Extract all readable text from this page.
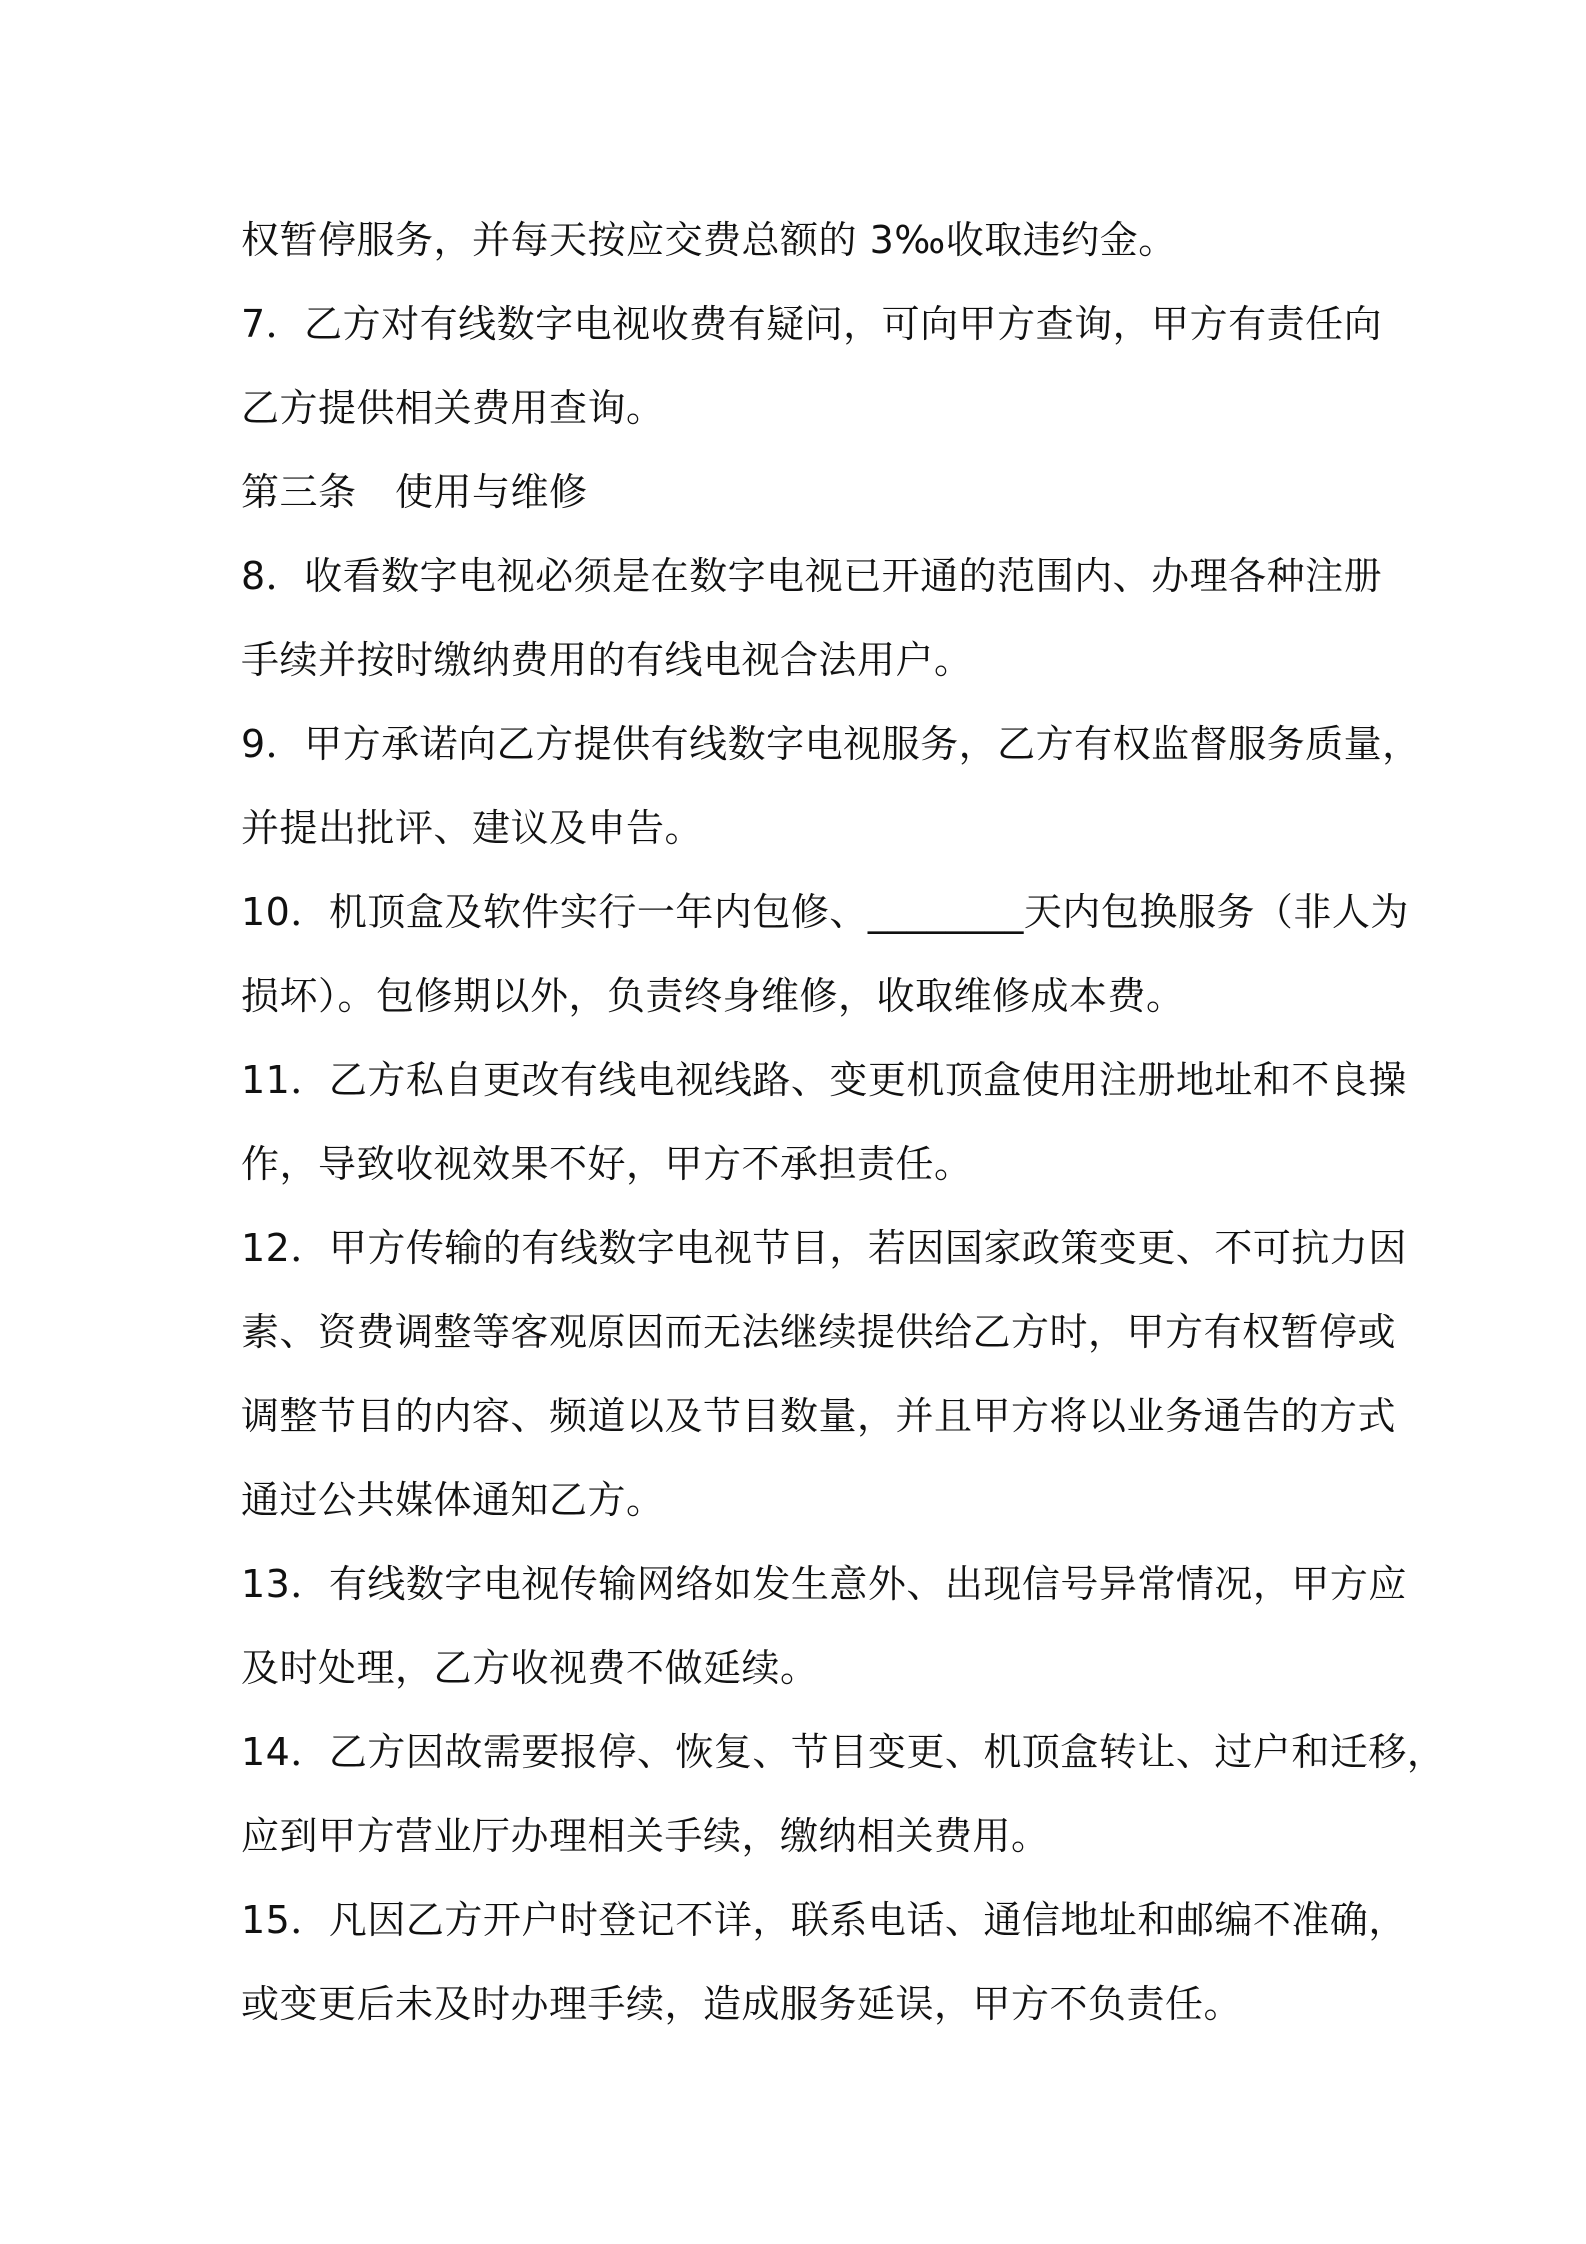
权暂停服务，并每天按应交费总额的 3‰收取违约金。
7．乙方对有线数字电视收费有疑问，可向甲方查询，甲方有责任向
乙方提供相关费用查询。
第三条　使用与维修
8．收看数字电视必须是在数字电视已开通的范围内、办理各种注册
手续并按时缴纳费用的有线电视合法用户。
9．甲方承诺向乙方提供有线数字电视服务，乙方有权监督服务质量，
并提出批评、建议及申告。
10．机顶盒及软件实行一年内包修、________天内包换服务（非人为
损坏）。包修期以外，负责终身维修，收取维修成本费。
11．乙方私自更改有线电视线路、变更机顶盒使用注册地址和不良操
作，导致收视效果不好，甲方不承担责任。
12．甲方传输的有线数字电视节目，若因国家政策变更、不可抗力因
素、资费调整等客观原因而无法继续提供给乙方时，甲方有权暂停或
调整节目的内容、频道以及节目数量，并且甲方将以业务通告的方式
通过公共媒体通知乙方。
13．有线数字电视传输网络如发生意外、出现信号异常情况，甲方应
及时处理，乙方收视费不做延续。
14．乙方因故需要报停、恢复、节目变更、机顶盒转让、过户和迁移，
应到甲方营业厅办理相关手续，缴纳相关费用。
15．凡因乙方开户时登记不详，联系电话、通信地址和邮编不准确，
或变更后未及时办理手续，造成服务延误，甲方不负责任。
